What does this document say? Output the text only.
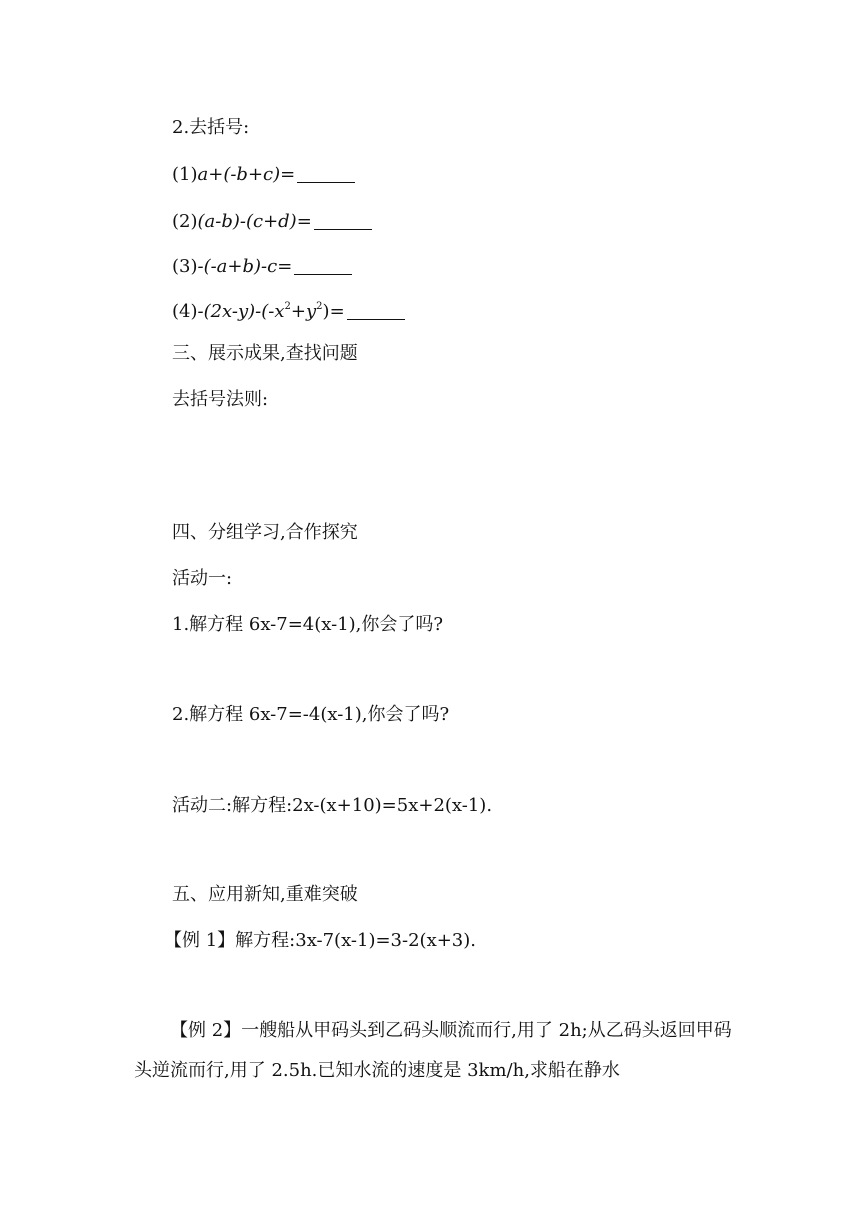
2.去括号:
(1)a+(-b+c)=
(2)(a-b)-(c+d)=
(3)-(-a+b)-c=
$(4)-(2x-y)-(-x^2+y^2)=$
三、展示成果,查找问题
去括号法则:
四、分组学习,合作探究
活动一:
1.解方程 6x-7=4(x-1),你会了吗?
2.解方程 6x-7=-4(x-1),你会了吗?
活动二:解方程:2x-(x+10)=5x+2(x-1).
五、应用新知,重难突破
【例 1】解方程:3x-7(x-1)=3-2(x+3).
【例 2】一艘船从甲码头到乙码头顺流而行,用了 2h;从乙码头返回甲码头逆流而行,用了 2.5h.已知水流的速度是 3km/h,求船在静水
